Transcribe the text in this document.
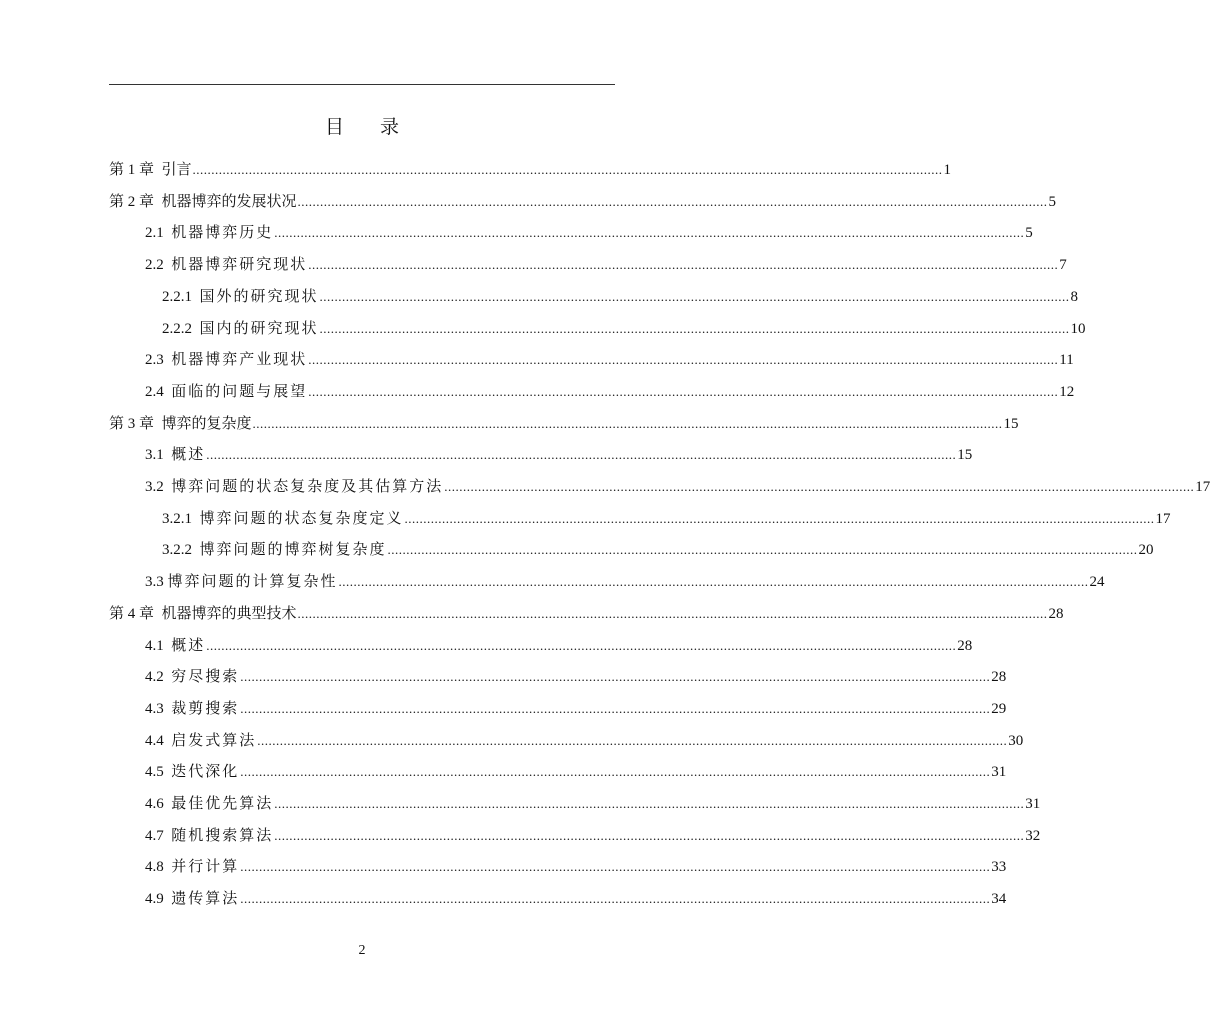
目 录
第 1 章 引言 ........................................................................................................................................................................................................ 1
第 2 章 机器博弈的发展状况 ........................................................................................................................................................................................................ 5
2.1 机器博弈历史 ........................................................................................................................................................................................................ 5
2.2 机器博弈研究现状 ........................................................................................................................................................................................................ 7
2.2.1 国外的研究现状 ........................................................................................................................................................................................................ 8
2.2.2 国内的研究现状 ........................................................................................................................................................................................................ 10
2.3 机器博弈产业现状 ........................................................................................................................................................................................................ 11
2.4 面临的问题与展望 ........................................................................................................................................................................................................ 12
第 3 章 博弈的复杂度 ........................................................................................................................................................................................................ 15
3.1 概述 ........................................................................................................................................................................................................ 15
3.2 博弈问题的状态复杂度及其估算方法 ........................................................................................................................................................................................................ 17
3.2.1 博弈问题的状态复杂度定义 ........................................................................................................................................................................................................ 17
3.2.2 博弈问题的博弈树复杂度 ........................................................................................................................................................................................................ 20
3.3 博弈问题的计算复杂性 ........................................................................................................................................................................................................ 24
第 4 章 机器博弈的典型技术 ........................................................................................................................................................................................................ 28
4.1 概述 ........................................................................................................................................................................................................ 28
4.2 穷尽搜索 ........................................................................................................................................................................................................ 28
4.3 裁剪搜索 ........................................................................................................................................................................................................ 29
4.4 启发式算法 ........................................................................................................................................................................................................ 30
4.5 迭代深化 ........................................................................................................................................................................................................ 31
4.6 最佳优先算法 ........................................................................................................................................................................................................ 31
4.7 随机搜索算法 ........................................................................................................................................................................................................ 32
4.8 并行计算 ........................................................................................................................................................................................................ 33
4.9 遗传算法 ........................................................................................................................................................................................................ 34
2
